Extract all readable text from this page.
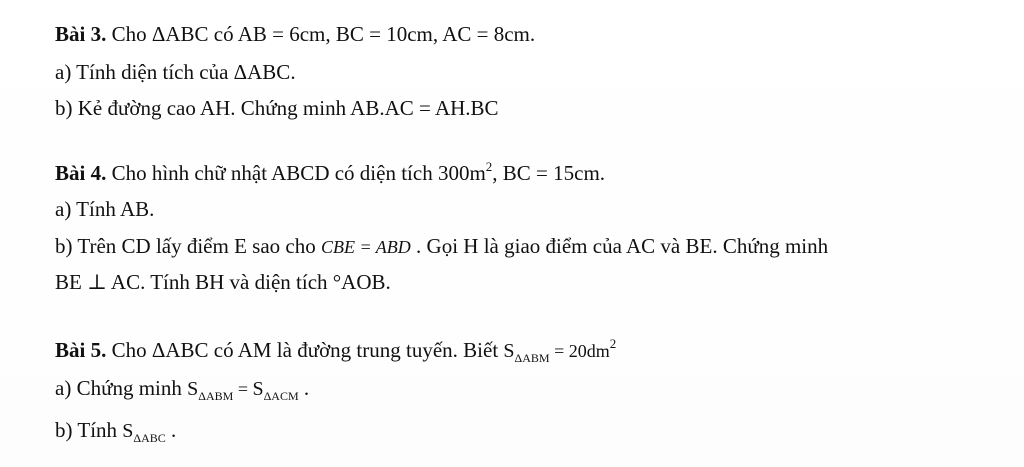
Bài 3. Cho ΔABC có AB = 6cm, BC = 10cm, AC = 8cm.
a) Tính diện tích của ΔABC.
b) Kẻ đường cao AH. Chứng minh AB.AC = AH.BC
Bài 4. Cho hình chữ nhật ABCD có diện tích $300m^2$, BC = 15cm.
a) Tính AB.
b) Trên CD lấy điểm E sao cho CBE = ABD . Gọi H là giao điểm của AC và BE. Chứng minh
BE ⊥ AC. Tính BH và diện tích °AOB.
Bài 5. Cho ΔABC có AM là đường trung tuyến. Biết $S_{\Delta ABM} = 20dm^2$
a) Chứng minh $S_{\Delta ABM} = S_{\Delta ACM}$ .
b) Tính $S_{\Delta ABC}$ .
